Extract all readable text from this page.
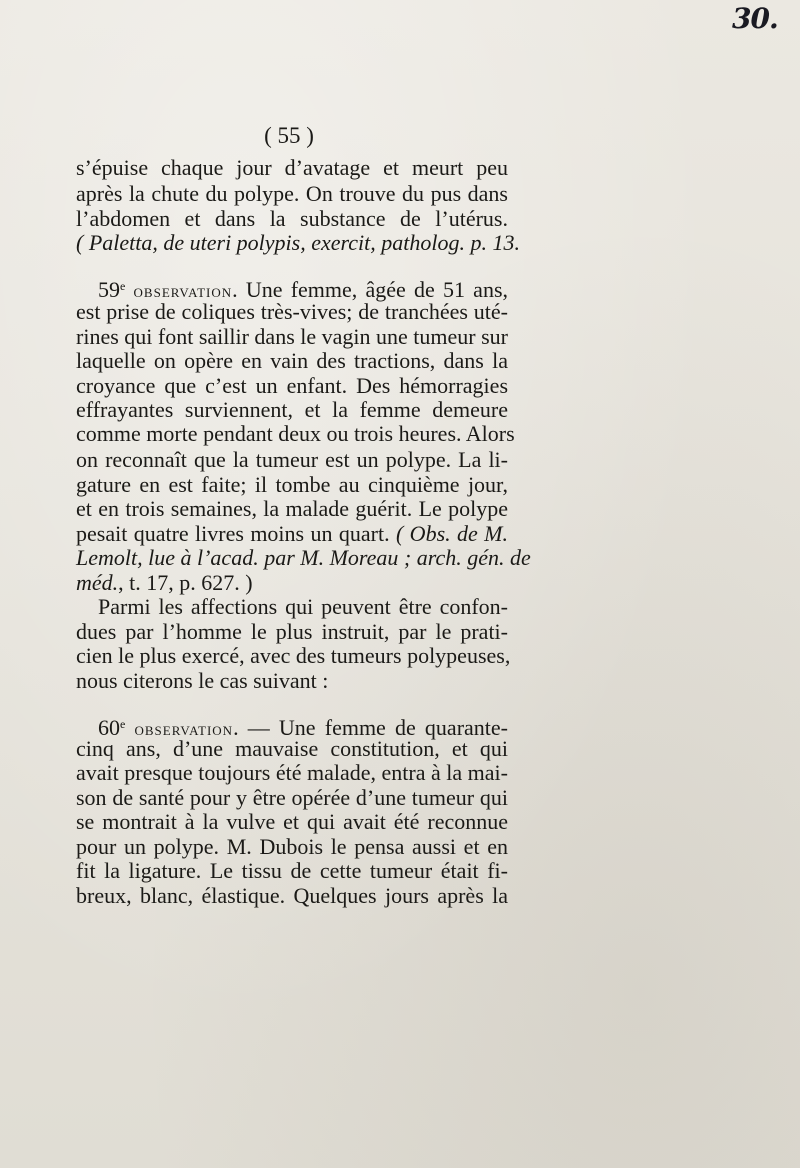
30.
( 55 )
s’épuise chaque jour d’avatage et meurt peu
après la chute du polype. On trouve du pus dans
l’abdomen et dans la substance de l’utérus.
( Paletta, de uteri polypis, exercit, patholog. p. 13.
59e observation. Une femme, âgée de 51 ans,
est prise de coliques très-vives; de tranchées uté-
rines qui font saillir dans le vagin une tumeur sur
laquelle on opère en vain des tractions, dans la
croyance que c’est un enfant. Des hémorragies
effrayantes surviennent, et la femme demeure
comme morte pendant deux ou trois heures. Alors
on reconnaît que la tumeur est un polype. La li-
gature en est faite; il tombe au cinquième jour,
et en trois semaines, la malade guérit. Le polype
pesait quatre livres moins un quart. ( Obs. de M.
Lemolt, lue à l’acad. par M. Moreau ; arch. gén. de
méd., t. 17, p. 627. )
Parmi les affections qui peuvent être confon-
dues par l’homme le plus instruit, par le prati-
cien le plus exercé, avec des tumeurs polypeuses,
nous citerons le cas suivant :
60e observation. — Une femme de quarante-
cinq ans, d’une mauvaise constitution, et qui
avait presque toujours été malade, entra à la mai-
son de santé pour y être opérée d’une tumeur qui
se montrait à la vulve et qui avait été reconnue
pour un polype. M. Dubois le pensa aussi et en
fit la ligature. Le tissu de cette tumeur était fi-
breux, blanc, élastique. Quelques jours après la
